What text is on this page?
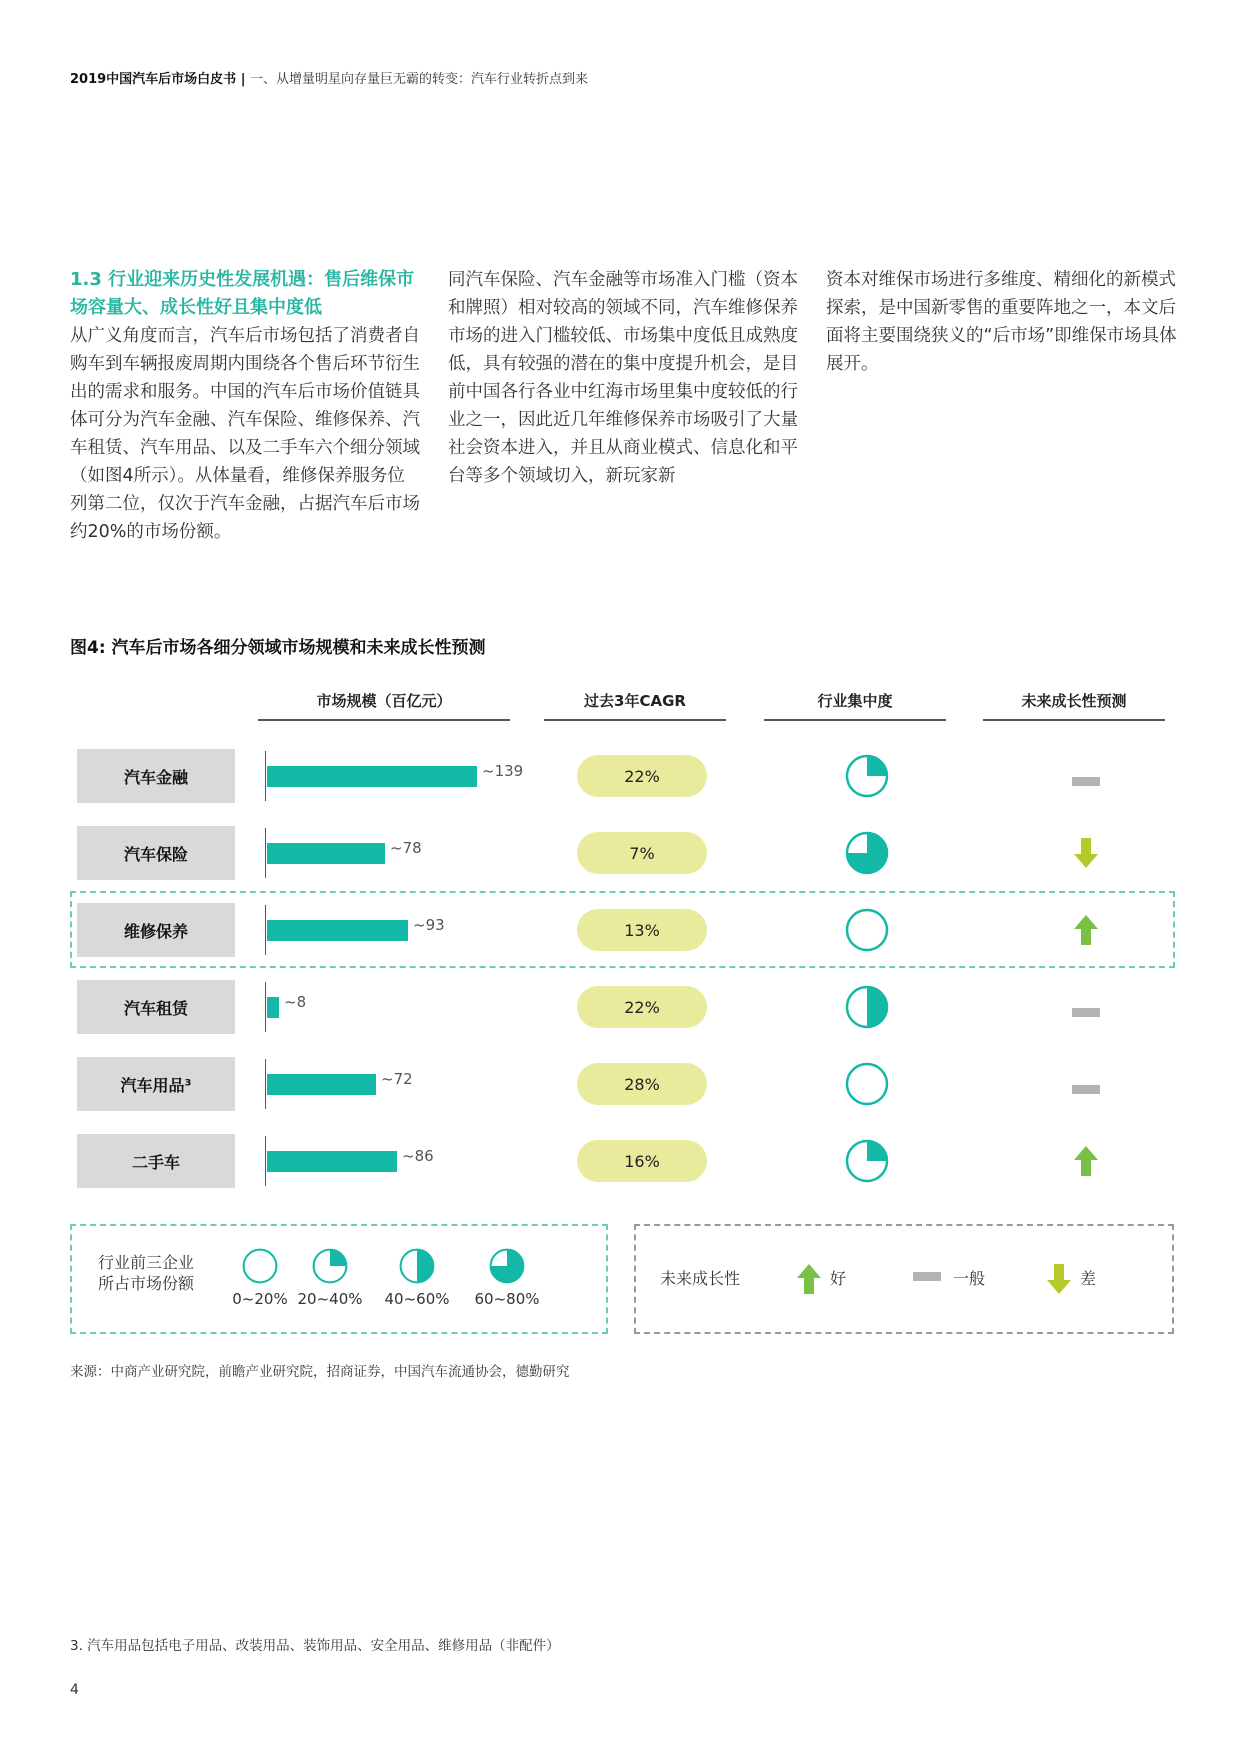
2019中国汽车后市场白皮书 | 一、从增量明星向存量巨无霸的转变：汽车行业转折点到来
1.3 行业迎来历史性发展机遇：售后维保市场容量大、成长性好且集中度低

从广义角度而言，汽车后市场包括了消费者自购车到车辆报废周期内围绕各个售后环节衍生出的需求和服务。中国的汽车后市场价值链具体可分为汽车金融、汽车保险、维修保养、汽车租赁、汽车用品、以及二手车六个细分领域（如图4所示）。从体量看，维修保养服务位列第二位，仅次于汽车金融，占据汽车后市场约20%的市场份额。

同汽车保险、汽车金融等市场准入门槛（资本和牌照）相对较高的领域不同，汽车维修保养市场的进入门槛较低、市场集中度低且成熟度低，具有较强的潜在的集中度提升机会，是目前中国各行各业中红海市场里集中度较低的行业之一，因此近几年维修保养市场吸引了大量社会资本进入，并且从商业模式、信息化和平台等多个领域切入，新玩家新

资本对维保市场进行多维度、精细化的新模式探索，是中国新零售的重要阵地之一，本文后面将主要围绕狭义的“后市场”即维保市场具体展开。

图4: 汽车后市场各细分领域市场规模和未来成长性预测
市场规模（百亿元）	过去3年CAGR	行业集中度	未来成长性预测
汽车金融	~139	22%
汽车保险	~78	7%
维修保养	~93	13%
汽车租赁	~8	22%
汽车用品³	~72	28%
二手车	~86	16%
行业前三企业所占市场份额
0~20% 20~40%	40~60%	60~80%
未来成长性	好	一般	差
来源：中商产业研究院，前瞻产业研究院，招商证券，中国汽车流通协会，德勤研究
3. 汽车用品包括电子用品、改装用品、装饰用品、安全用品、维修用品（非配件）
4
